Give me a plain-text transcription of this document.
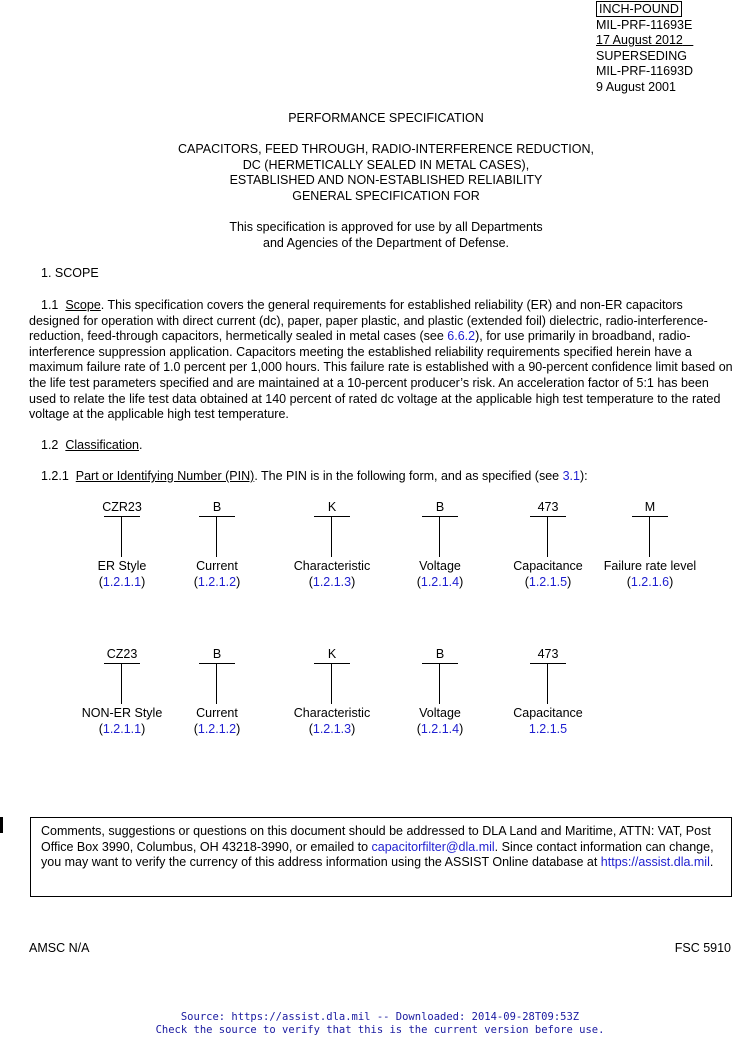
INCH-POUND
MIL-PRF-11693E
17 August 2012
SUPERSEDING
MIL-PRF-11693D
9 August 2001
PERFORMANCE SPECIFICATION
CAPACITORS, FEED THROUGH, RADIO-INTERFERENCE REDUCTION,
DC (HERMETICALLY SEALED IN METAL CASES),
ESTABLISHED AND NON-ESTABLISHED RELIABILITY
GENERAL SPECIFICATION FOR
This specification is approved for use by all Departments
and Agencies of the Department of Defense.
1. SCOPE
1.1 Scope. This specification covers the general requirements for established reliability (ER) and non-ER capacitors designed for operation with direct current (dc), paper, paper plastic, and plastic (extended foil) dielectric, radio-interference-reduction, feed-through capacitors, hermetically sealed in metal cases (see 6.6.2), for use primarily in broadband, radio-interference suppression application. Capacitors meeting the established reliability requirements specified herein have a maximum failure rate of 1.0 percent per 1,000 hours. This failure rate is established with a 90-percent confidence limit based on the life test parameters specified and are maintained at a 10-percent producer’s risk. An acceleration factor of 5:1 has been used to relate the life test data obtained at 140 percent of rated dc voltage at the applicable high test temperature to the rated voltage at the applicable high test temperature.
1.2 Classification.
1.2.1 Part or Identifying Number (PIN). The PIN is in the following form, and as specified (see 3.1):
CZR23
ER Style
(1.2.1.1)
B
Current
(1.2.1.2)
K
Characteristic
(1.2.1.3)
B
Voltage
(1.2.1.4)
473
Capacitance
(1.2.1.5)
M
Failure rate level
(1.2.1.6)
CZ23
NON-ER Style
(1.2.1.1)
B
Current
(1.2.1.2)
K
Characteristic
(1.2.1.3)
B
Voltage
(1.2.1.4)
473
Capacitance
1.2.1.5
Comments, suggestions or questions on this document should be addressed to DLA Land and Maritime, ATTN: VAT, Post Office Box 3990, Columbus, OH 43218-3990, or emailed to capacitorfilter@dla.mil. Since contact information can change, you may want to verify the currency of this address information using the ASSIST Online database at https://assist.dla.mil.
AMSC N/A	FSC 5910
Source: https://assist.dla.mil -- Downloaded: 2014-09-28T09:53Z
Check the source to verify that this is the current version before use.
